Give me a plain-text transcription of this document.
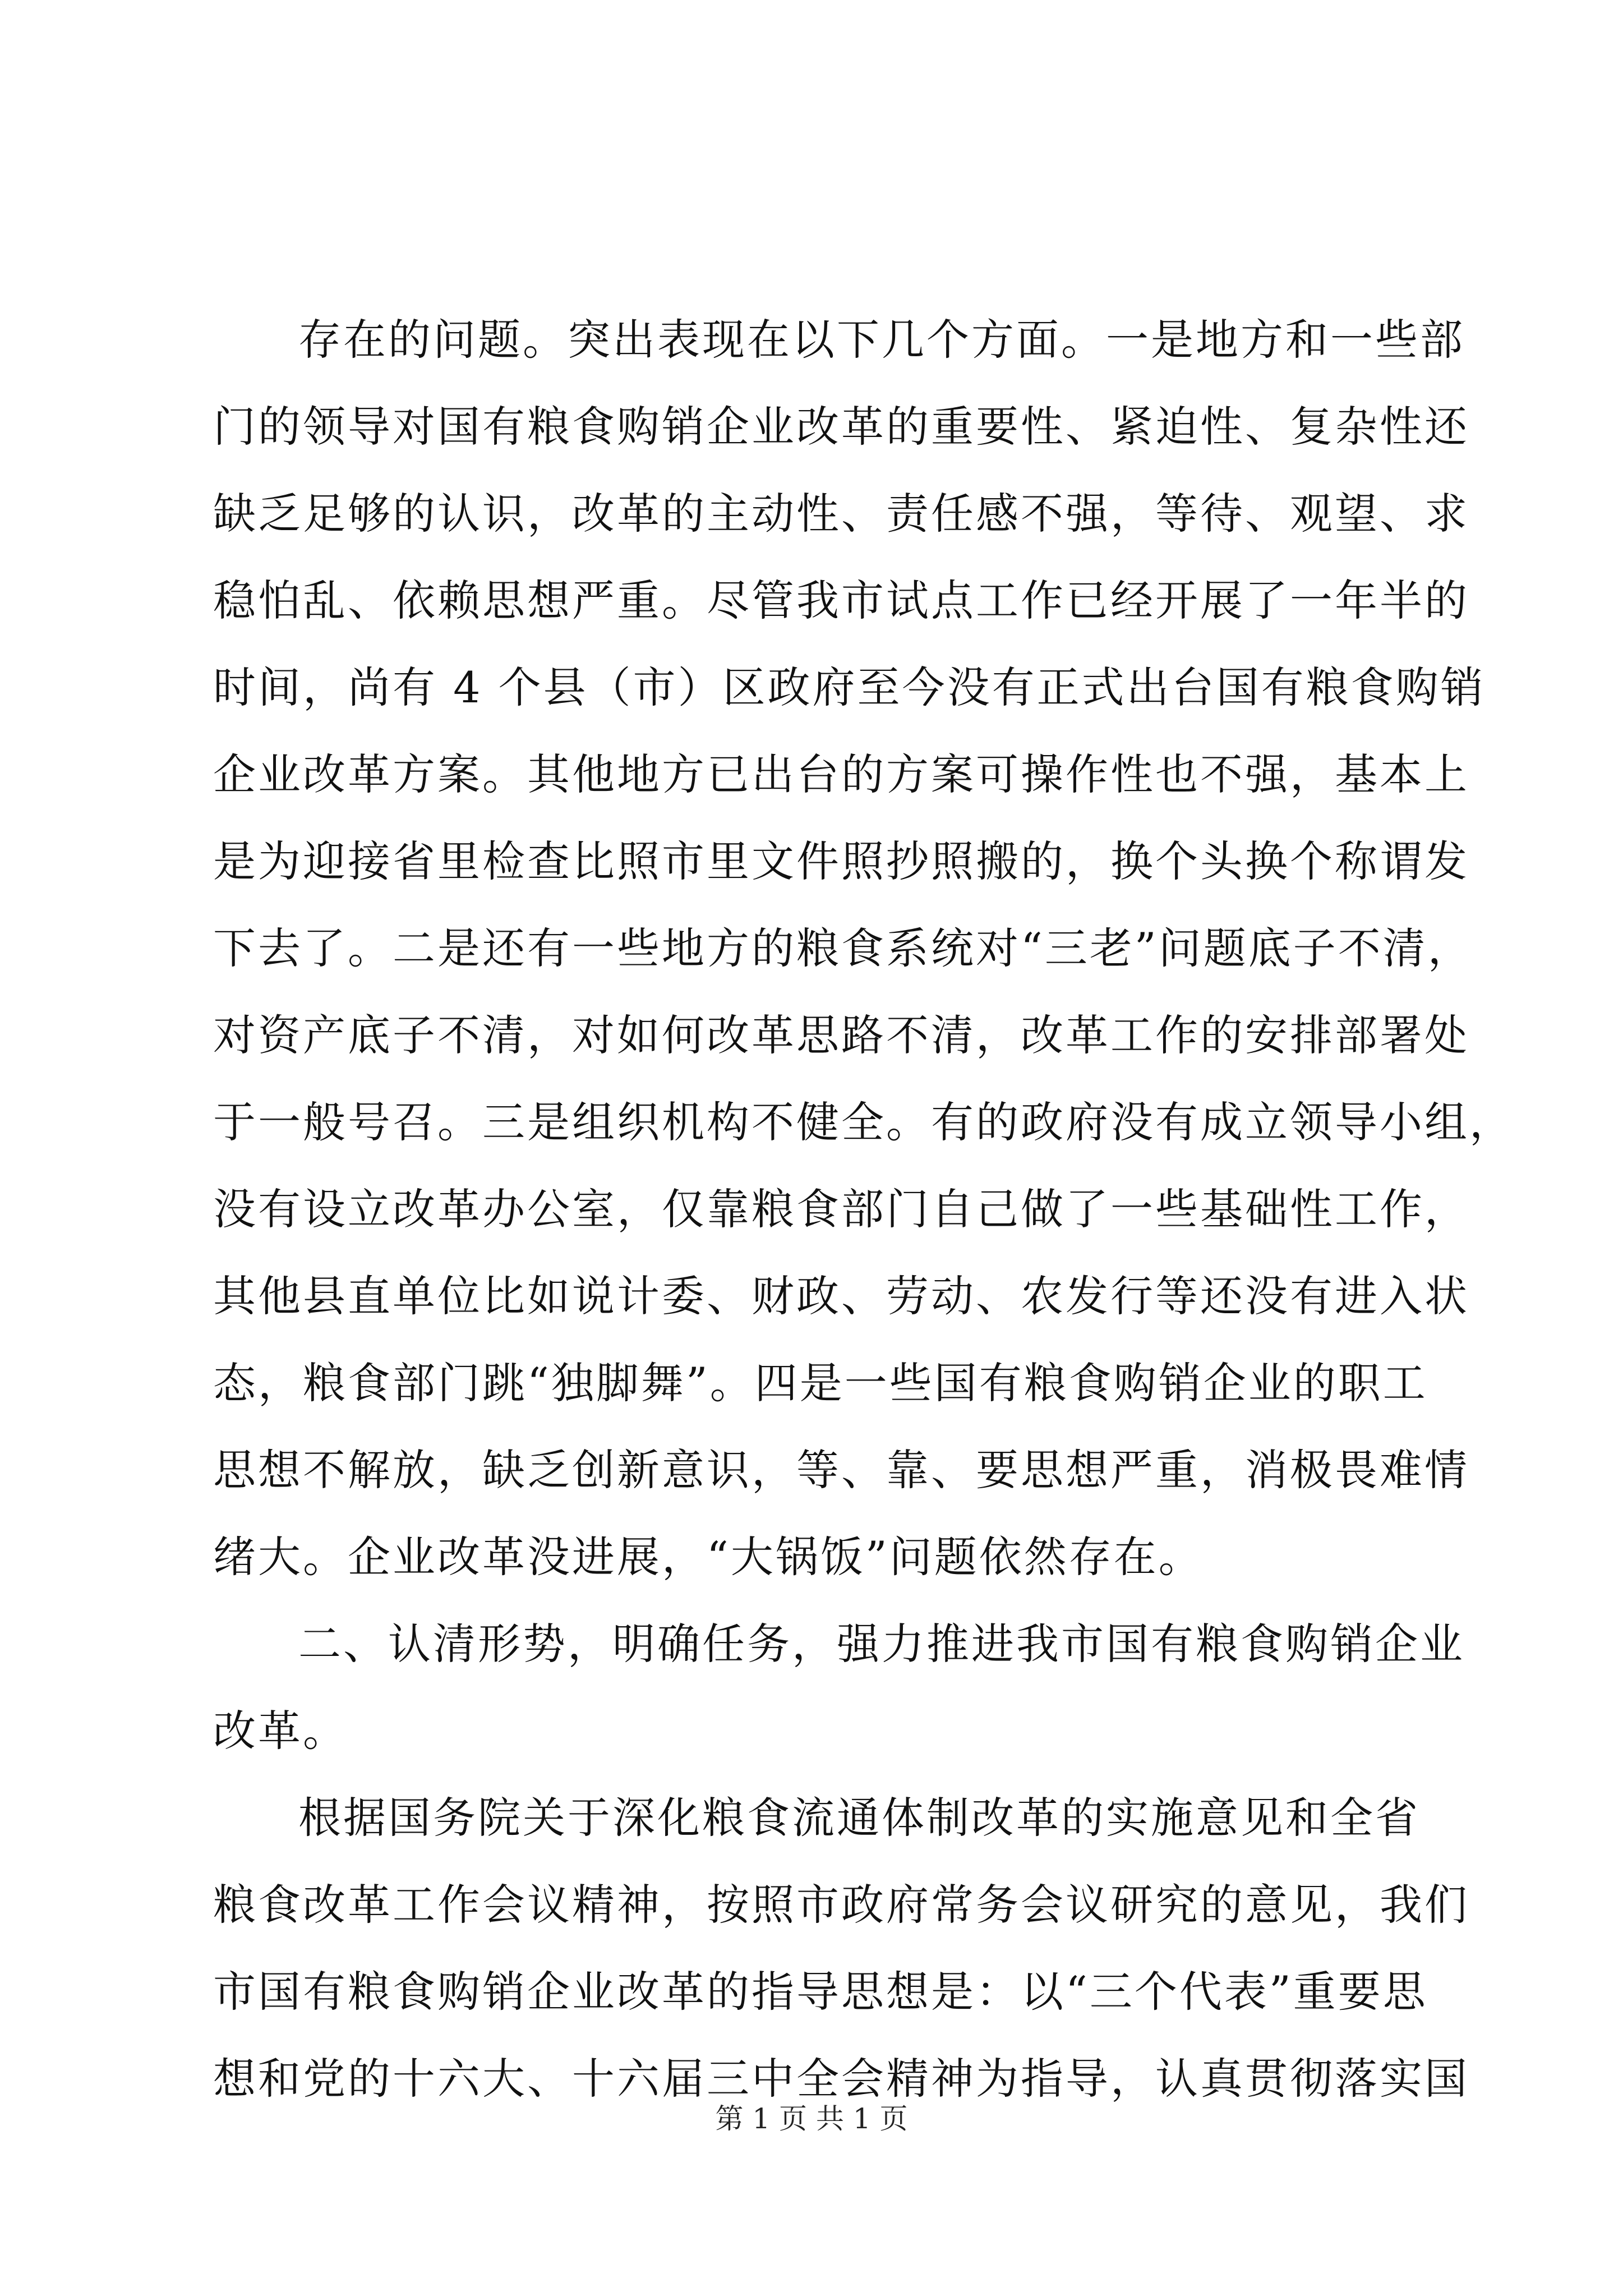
存在的问题。突出表现在以下几个方面。一是地方和一些部
门的领导对国有粮食购销企业改革的重要性、紧迫性、复杂性还
缺乏足够的认识，改革的主动性、责任感不强，等待、观望、求
稳怕乱、依赖思想严重。尽管我市试点工作已经开展了一年半的
时间，尚有 4 个县（市）区政府至今没有正式出台国有粮食购销
企业改革方案。其他地方已出台的方案可操作性也不强，基本上
是为迎接省里检查比照市里文件照抄照搬的，换个头换个称谓发
下去了。二是还有一些地方的粮食系统对“三老”问题底子不清，
对资产底子不清，对如何改革思路不清，改革工作的安排部署处
于一般号召。三是组织机构不健全。有的政府没有成立领导小组，
没有设立改革办公室，仅靠粮食部门自己做了一些基础性工作，
其他县直单位比如说计委、财政、劳动、农发行等还没有进入状
态，粮食部门跳“独脚舞”。四是一些国有粮食购销企业的职工
思想不解放，缺乏创新意识，等、靠、要思想严重，消极畏难情
绪大。企业改革没进展，“大锅饭”问题依然存在。
二、认清形势，明确任务，强力推进我市国有粮食购销企业
改革。
根据国务院关于深化粮食流通体制改革的实施意见和全省
粮食改革工作会议精神，按照市政府常务会议研究的意见，我们
市国有粮食购销企业改革的指导思想是：以“三个代表”重要思
想和党的十六大、十六届三中全会精神为指导，认真贯彻落实国
第 1 页 共 1 页
